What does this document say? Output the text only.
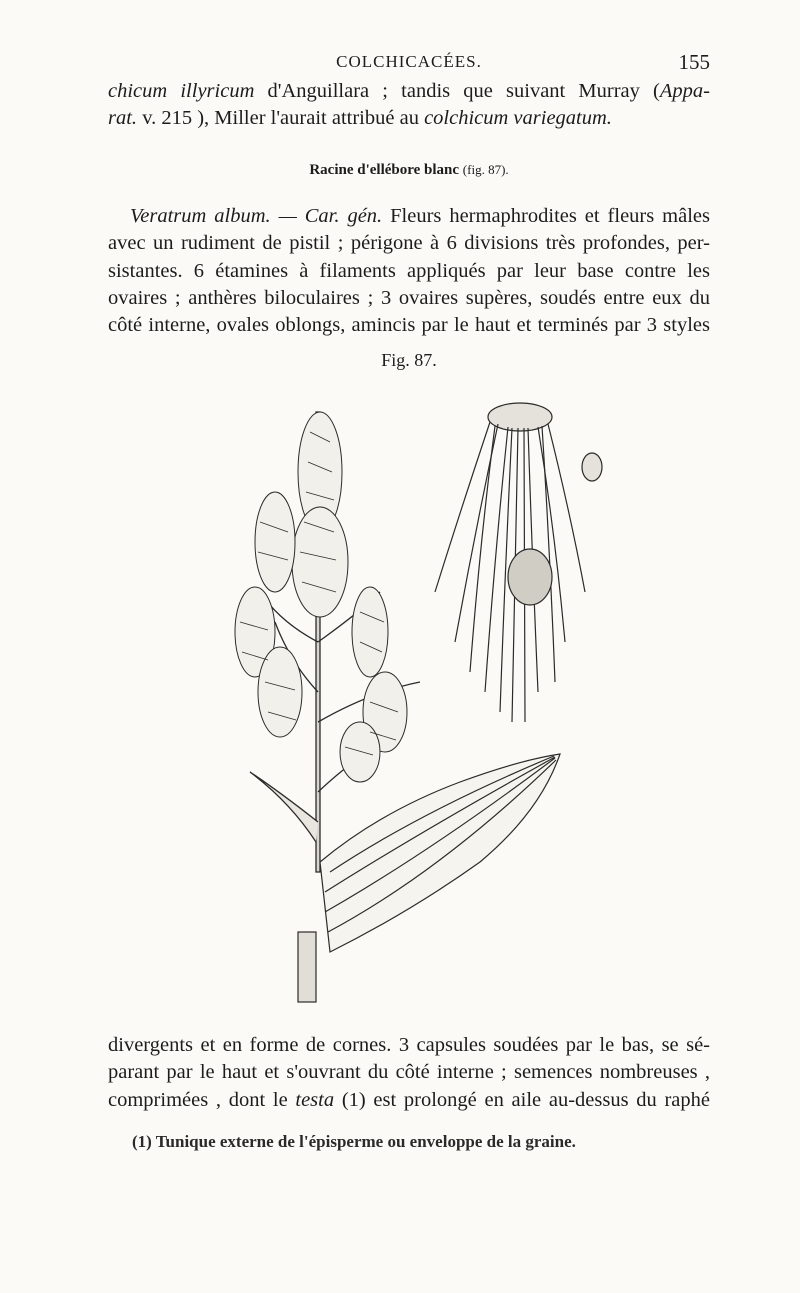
COLCHICACÉES.	155

chicum illyricum d'Anguillara ; tandis que suivant Murray (Appa-
rat. v. 215 ), Miller l'aurait attribué au colchicum variegatum.

Racine d'ellébore blanc (fig. 87).

Veratrum album. — Car. gén. Fleurs hermaphrodites et fleurs mâles
avec un rudiment de pistil ; périgone à 6 divisions très profondes, per-
sistantes. 6 étamines à filaments appliqués par leur base contre les
ovaires ; anthères biloculaires ; 3 ovaires supères, soudés entre eux du
côté interne, ovales oblongs, amincis par le haut et terminés par 3 styles

Fig. 87.

divergents et en forme de cornes. 3 capsules soudées par le bas, se sé-
parant par le haut et s'ouvrant du côté interne ; semences nombreuses ,
comprimées , dont le testa (1) est prolongé en aile au-dessus du raphé

(1) Tunique externe de l'épisperme ou enveloppe de la graine.
